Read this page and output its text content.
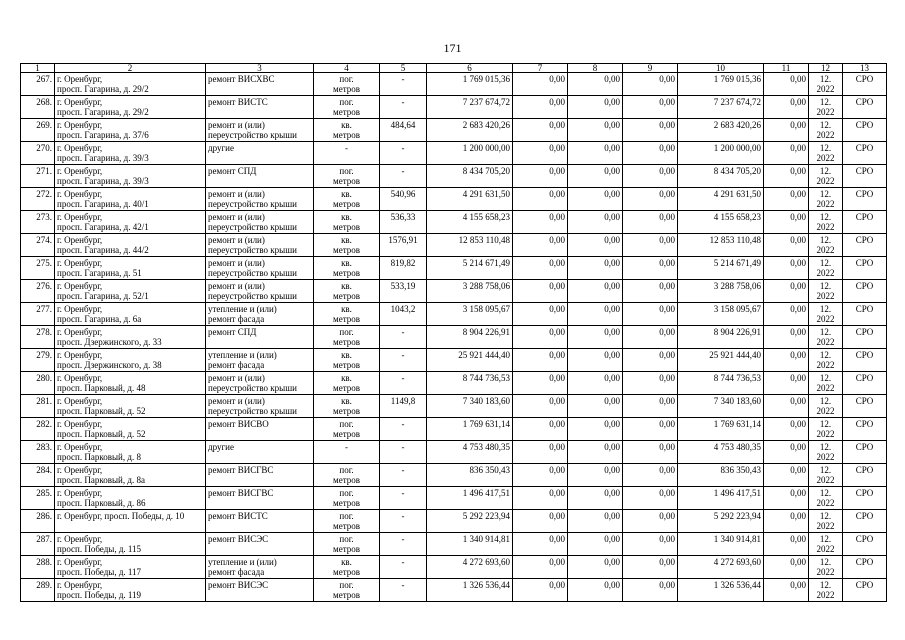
171
1	2	3	4	5	6	7	8	9	10	11	12	13

267.	г. Оренбург,
просп. Гагарина, д. 29/2	ремонт ВИСХВС	пог.
метров	-	1 769 015,36	0,00	0,00	0,00	1 769 015,36	0,00	12.
2022	СРО

268.	г. Оренбург,
просп. Гагарина, д. 29/2	ремонт ВИСТС	пог.
метров	-	7 237 674,72	0,00	0,00	0,00	7 237 674,72	0,00	12.
2022	СРО

269.	г. Оренбург,
просп. Гагарина, д. 37/6	ремонт и (или)
переустройство крыши	кв.
метров	484,64	2 683 420,26	0,00	0,00	0,00	2 683 420,26	0,00	12.
2022	СРО

270.	г. Оренбург,
просп. Гагарина, д. 39/3	другие	-	-	1 200 000,00	0,00	0,00	0,00	1 200 000,00	0,00	12.
2022	СРО

271.	г. Оренбург,
просп. Гагарина, д. 39/3	ремонт СПД	пог.
метров	-	8 434 705,20	0,00	0,00	0,00	8 434 705,20	0,00	12.
2022	СРО

272.	г. Оренбург,
просп. Гагарина, д. 40/1	ремонт и (или)
переустройство крыши	кв.
метров	540,96	4 291 631,50	0,00	0,00	0,00	4 291 631,50	0,00	12.
2022	СРО

273.	г. Оренбург,
просп. Гагарина, д. 42/1	ремонт и (или)
переустройство крыши	кв.
метров	536,33	4 155 658,23	0,00	0,00	0,00	4 155 658,23	0,00	12.
2022	СРО

274.	г. Оренбург,
просп. Гагарина, д. 44/2	ремонт и (или)
переустройство крыши	кв.
метров	1576,91	12 853 110,48	0,00	0,00	0,00	12 853 110,48	0,00	12.
2022	СРО

275.	г. Оренбург,
просп. Гагарина, д. 51	ремонт и (или)
переустройство крыши	кв.
метров	819,82	5 214 671,49	0,00	0,00	0,00	5 214 671,49	0,00	12.
2022	СРО

276.	г. Оренбург,
просп. Гагарина, д. 52/1	ремонт и (или)
переустройство крыши	кв.
метров	533,19	3 288 758,06	0,00	0,00	0,00	3 288 758,06	0,00	12.
2022	СРО

277.	г. Оренбург,
просп. Гагарина, д. 6а	утепление и (или)
ремонт фасада	кв.
метров	1043,2	3 158 095,67	0,00	0,00	0,00	3 158 095,67	0,00	12.
2022	СРО

278.	г. Оренбург,
просп. Дзержинского, д. 33	ремонт СПД	пог.
метров	-	8 904 226,91	0,00	0,00	0,00	8 904 226,91	0,00	12.
2022	СРО

279.	г. Оренбург,
просп. Дзержинского, д. 38	утепление и (или)
ремонт фасада	кв.
метров	-	25 921 444,40	0,00	0,00	0,00	25 921 444,40	0,00	12.
2022	СРО

280.	г. Оренбург,
просп. Парковый, д. 48	ремонт и (или)
переустройство крыши	кв.
метров	-	8 744 736,53	0,00	0,00	0,00	8 744 736,53	0,00	12.
2022	СРО

281.	г. Оренбург,
просп. Парковый, д. 52	ремонт и (или)
переустройство крыши	кв.
метров	1149,8	7 340 183,60	0,00	0,00	0,00	7 340 183,60	0,00	12.
2022	СРО

282.	г. Оренбург,
просп. Парковый, д. 52	ремонт ВИСВО	пог.
метров	-	1 769 631,14	0,00	0,00	0,00	1 769 631,14	0,00	12.
2022	СРО

283.	г. Оренбург,
просп. Парковый, д. 8	другие	-	-	4 753 480,35	0,00	0,00	0,00	4 753 480,35	0,00	12.
2022	СРО

284.	г. Оренбург,
просп. Парковый, д. 8а	ремонт ВИСГВС	пог.
метров	-	836 350,43	0,00	0,00	0,00	836 350,43	0,00	12.
2022	СРО

285.	г. Оренбург,
просп. Парковый, д. 86	ремонт ВИСГВС	пог.
метров	-	1 496 417,51	0,00	0,00	0,00	1 496 417,51	0,00	12.
2022	СРО

286.	г. Оренбург, просп. Победы, д. 10	ремонт ВИСТС	пог.
метров	-	5 292 223,94	0,00	0,00	0,00	5 292 223,94	0,00	12.
2022	СРО

287.	г. Оренбург,
просп. Победы, д. 115	ремонт ВИСЭС	пог.
метров	-	1 340 914,81	0,00	0,00	0,00	1 340 914,81	0,00	12.
2022	СРО

288.	г. Оренбург,
просп. Победы, д. 117	утепление и (или)
ремонт фасада	кв.
метров	-	4 272 693,60	0,00	0,00	0,00	4 272 693,60	0,00	12.
2022	СРО

289.	г. Оренбург,
просп. Победы, д. 119	ремонт ВИСЭС	пог.
метров	-	1 326 536,44	0,00	0,00	0,00	1 326 536,44	0,00	12.
2022	СРО
